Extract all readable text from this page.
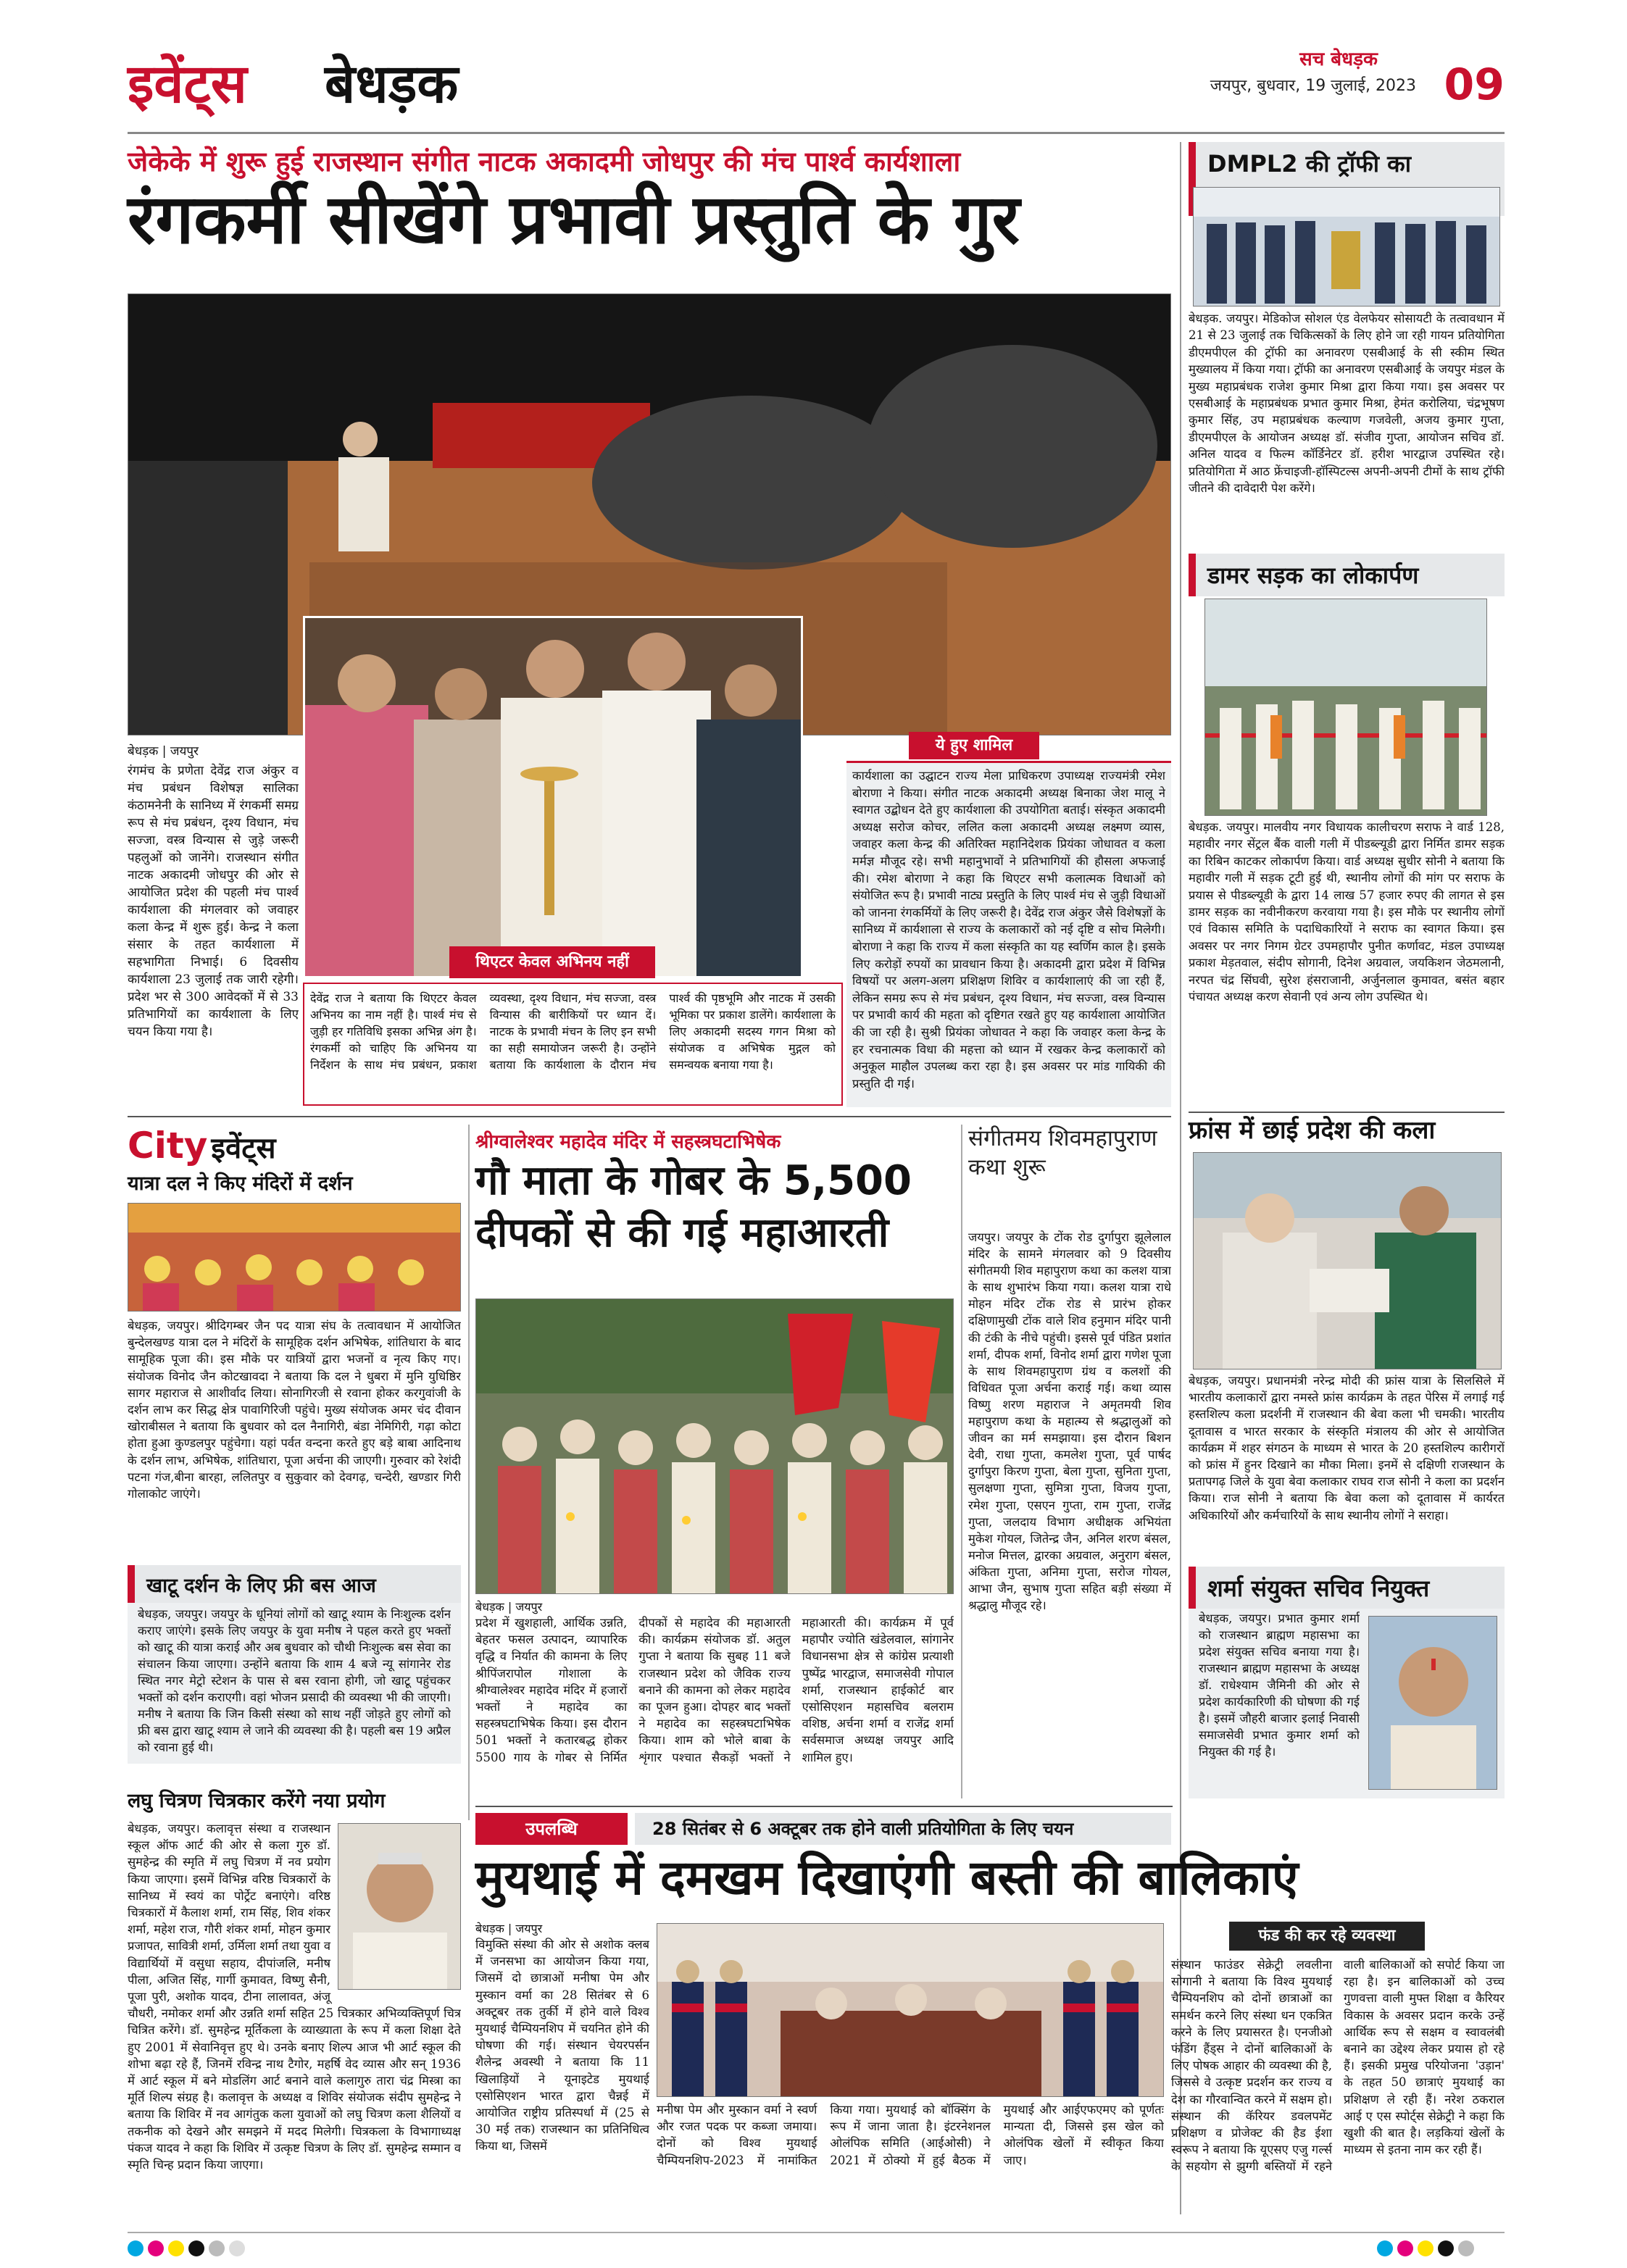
इवेंट्स बेधड़क	सच बेधड़क
जयपुर, बुधवार, 19 जुलाई, 2023 09
जेकेके में शुरू हुई राजस्थान संगीत नाटक अकादमी जोधपुर की मंच पार्श्व कार्यशाला
रंगकर्मी सीखेंगे प्रभावी प्रस्तुति के गुर
थिएटर केवल अभिनय नहीं
बेधड़क | जयपुर
रंगमंच के प्रणेता देवेंद्र राज अंकुर व मंच प्रबंधन विशेषज्ञ सालिका कंठामनेनी के सानिध्य में रंगकर्मी समग्र रूप से मंच प्रबंधन, दृश्य विधान, मंच सज्जा, वस्त्र विन्यास से जुड़े जरूरी पहलुओं को जानेंगे। राजस्थान संगीत नाटक अकादमी जोधपुर की ओर से आयोजित प्रदेश की पहली मंच पार्श्व कार्यशाला की मंगलवार को जवाहर कला केन्द्र में शुरू हुई। केन्द्र ने कला संसार के तहत कार्यशाला में सहभागिता निभाई। 6 दिवसीय कार्यशाला 23 जुलाई तक जारी रहेगी। प्रदेश भर से 300 आवेदकों में से 33 प्रतिभागियों का कार्यशाला के लिए चयन किया गया है।
देवेंद्र राज ने बताया कि थिएटर केवल अभिनय का नाम नहीं है। पार्श्व मंच से जुड़ी हर गतिविधि इसका अभिन्न अंग है। रंगकर्मी को चाहिए कि अभिनय या निर्देशन के साथ मंच प्रबंधन, प्रकाश व्यवस्था, दृश्य विधान, मंच सज्जा, वस्त्र विन्यास की बारीकियों पर ध्यान दें। नाटक के प्रभावी मंचन के लिए इन सभी का सही समायोजन जरूरी है। उन्होंने बताया कि कार्यशाला के दौरान मंच पार्श्व की पृष्ठभूमि और नाटक में उसकी भूमिका पर प्रकाश डालेंगे। कार्यशाला के लिए अकादमी सदस्य गगन मिश्रा को संयोजक व अभिषेक मुद्गल को समन्वयक बनाया गया है।
ये हुए शामिल
कार्यशाला का उद्घाटन राज्य मेला प्राधिकरण उपाध्यक्ष राज्यमंत्री रमेश बोराणा ने किया। संगीत नाटक अकादमी अध्यक्ष बिनाका जेश मालू ने स्वागत उद्बोधन देते हुए कार्यशाला की उपयोगिता बताई। संस्कृत अकादमी अध्यक्ष सरोज कोचर, ललित कला अकादमी अध्यक्ष लक्ष्मण व्यास, जवाहर कला केन्द्र की अतिरिक्त महानिदेशक प्रियंका जोधावत व कला मर्मज्ञ मौजूद रहे। सभी महानुभावों ने प्रतिभागियों की हौसला अफजाई की। रमेश बोराणा ने कहा कि थिएटर सभी कलात्मक विधाओं को संयोजित रूप है। प्रभावी नाट्य प्रस्तुति के लिए पार्श्व मंच से जुड़ी विधाओं को जानना रंगकर्मियों के लिए जरूरी है। देवेंद्र राज अंकुर जैसे विशेषज्ञों के सानिध्य में कार्यशाला से राज्य के कलाकारों को नई दृष्टि व सोच मिलेगी। बोराणा ने कहा कि राज्य में कला संस्कृति का यह स्वर्णिम काल है। इसके लिए करोड़ों रुपयों का प्रावधान किया है। अकादमी द्वारा प्रदेश में विभिन्न विषयों पर अलग-अलग प्रशिक्षण शिविर व कार्यशालाएं की जा रही हैं, लेकिन समग्र रूप से मंच प्रबंधन, दृश्य विधान, मंच सज्जा, वस्त्र विन्यास पर प्रभावी कार्य की महता को दृष्टिगत रखते हुए यह कार्यशाला आयोजित की जा रही है। सुश्री प्रियंका जोधावत ने कहा कि जवाहर कला केन्द्र के हर रचनात्मक विधा की महत्ता को ध्यान में रखकर केन्द्र कलाकारों को अनुकूल माहौल उपलब्ध करा रहा है। इस अवसर पर मांड गायिकी की प्रस्तुति दी गई।
DMPL2 की ट्रॉफी का
बेधड़क. जयपुर। मेडिकोज सोशल एंड वेलफेयर सोसायटी के तत्वावधान में 21 से 23 जुलाई तक चिकित्सकों के लिए होने जा रही गायन प्रतियोगिता डीएमपीएल की ट्रॉफी का अनावरण एसबीआई के सी स्कीम स्थित मुख्यालय में किया गया। ट्रॉफी का अनावरण एसबीआई के जयपुर मंडल के मुख्य महाप्रबंधक राजेश कुमार मिश्रा द्वारा किया गया। इस अवसर पर एसबीआई के महाप्रबंधक प्रभात कुमार मिश्रा, हेमंत करोलिया, चंद्रभूषण कुमार सिंह, उप महाप्रबंधक कल्याण गजवेली, अजय कुमार गुप्ता, डीएमपीएल के आयोजन अध्यक्ष डॉ. संजीव गुप्ता, आयोजन सचिव डॉ. अनिल यादव व फिल्म कॉर्डिनेटर डॉ. हरीश भारद्वाज उपस्थित रहे। प्रतियोगिता में आठ फ्रेंचाइजी-हॉस्पिटल्स अपनी-अपनी टीमों के साथ ट्रॉफी जीतने की दावेदारी पेश करेंगे।
डामर सड़क का लोकार्पण
बेधड़क. जयपुर। मालवीय नगर विधायक कालीचरण सराफ ने वार्ड 128, महावीर नगर सेंट्रल बैंक वाली गली में पीडब्ल्यूडी द्वारा निर्मित डामर सड़क का रिबिन काटकर लोकार्पण किया। वार्ड अध्यक्ष सुधीर सोनी ने बताया कि महावीर गली में सड़क टूटी हुई थी, स्थानीय लोगों की मांग पर सराफ के प्रयास से पीडब्ल्यूडी के द्वारा 14 लाख 57 हजार रुपए की लागत से इस डामर सड़क का नवीनीकरण करवाया गया है। इस मौके पर स्थानीय लोगों एवं विकास समिति के पदाधिकारियों ने सराफ का स्वागत किया। इस अवसर पर नगर निगम ग्रेटर उपमहापौर पुनीत कर्णावट, मंडल उपाध्यक्ष प्रकाश मेड़तवाल, संदीप सोगानी, दिनेश अग्रवाल, जयकिशन जेठमलानी, नरपत चंद्र सिंघवी, सुरेश हंसराजानी, अर्जुनलाल कुमावत, बसंत बहार पंचायत अध्यक्ष करण सेवानी एवं अन्य लोग उपस्थित थे।
फ्रांस में छाई प्रदेश की कला
बेधड़क, जयपुर। प्रधानमंत्री नरेन्द्र मोदी की फ्रांस यात्रा के सिलसिले में भारतीय कलाकारों द्वारा नमस्ते फ्रांस कार्यक्रम के तहत पेरिस में लगाई गई हस्तशिल्प कला प्रदर्शनी में राजस्थान की बेवा कला भी चमकी। भारतीय दूतावास व भारत सरकार के संस्कृति मंत्रालय की ओर से आयोजित कार्यक्रम में शहर संगठन के माध्यम से भारत के 20 हस्तशिल्प कारीगरों को फ्रांस में हुनर दिखाने का मौका मिला। इनमें से दक्षिणी राजस्थान के प्रतापगढ़ जिले के युवा बेवा कलाकार राघव राज सोनी ने कला का प्रदर्शन किया। राज सोनी ने बताया कि बेवा कला को दूतावास में कार्यरत अधिकारियों और कर्मचारियों के साथ स्थानीय लोगों ने सराहा।
शर्मा संयुक्त सचिव नियुक्त
बेधड़क, जयपुर। प्रभात कुमार शर्मा को राजस्थान ब्राह्मण महासभा का प्रदेश संयुक्त सचिव बनाया गया है। राजस्थान ब्राह्मण महासभा के अध्यक्ष डॉ. राधेश्याम जैमिनी की ओर से प्रदेश कार्यकारिणी की घोषणा की गई है। इसमें जौहरी बाजार इलाई निवासी समाजसेवी प्रभात कुमार शर्मा को नियुक्त की गई है।
City इवेंट्स
यात्रा दल ने किए मंदिरों में दर्शन
बेधड़क, जयपुर। श्रीदिगम्बर जैन पद यात्रा संघ के तत्वावधान में आयोजित बुन्देलखण्ड यात्रा दल ने मंदिरों के सामूहिक दर्शन अभिषेक, शांतिधारा के बाद सामूहिक पूजा की। इस मौके पर यात्रियों द्वारा भजनों व नृत्य किए गए। संयोजक विनोद जैन कोटखावदा ने बताया कि दल ने धुबरा में मुनि युधिष्ठिर सागर महाराज से आशीर्वाद लिया। सोनागिरजी से रवाना होकर करगुवांजी के दर्शन लाभ कर सिद्ध क्षेत्र पावागिरिजी पहुंचे। मुख्य संयोजक अमर चंद दीवान खोराबीसल ने बताया कि बुधवार को दल नैनागिरी, बंडा नेमिगिरी, गढ़ा कोटा होता हुआ कुण्डलपुर पहुंचेगा। यहां पर्वत वन्दना करते हुए बड़े बाबा आदिनाथ के दर्शन लाभ, अभिषेक, शांतिधारा, पूजा अर्चना की जाएगी। गुरुवार को रेशंदी पटना गंज,बीना बारहा, ललितपुर व सुकुवार को देवगढ़, चन्देरी, खण्डार गिरी गोलाकोट जाएंगे।
खाटू दर्शन के लिए फ्री बस आज
बेधड़क, जयपुर। जयपुर के धूनियां लोगों को खाटू श्याम के निःशुल्क दर्शन कराए जाएंगे। इसके लिए जयपुर के युवा मनीष ने पहल करते हुए भक्तों को खाटू की यात्रा कराई और अब बुधवार को चौथी निःशुल्क बस सेवा का संचालन किया जाएगा। उन्होंने बताया कि शाम 4 बजे न्यू सांगानेर रोड स्थित नगर मेट्रो स्टेशन के पास से बस रवाना होगी, जो खाटू पहुंचकर भक्तों को दर्शन कराएगी। वहां भोजन प्रसादी की व्यवस्था भी की जाएगी। मनीष ने बताया कि जिन किसी संस्था को साथ नहीं जोड़ते हुए लोगों को फ्री बस द्वारा खाटू श्याम ले जाने की व्यवस्था की है। पहली बस 19 अप्रैल को रवाना हुई थी।
लघु चित्रण चित्रकार करेंगे नया प्रयोग
बेधड़क, जयपुर। कलावृत्त संस्था व राजस्थान स्कूल ऑफ आर्ट की ओर से कला गुरु डॉ. सुमहेन्द्र की स्मृति में लघु चित्रण में नव प्रयोग किया जाएगा। इसमें विभिन्न वरिष्ठ चित्रकारों के सानिध्य में स्वयं का पोर्ट्रेट बनाएंगे। वरिष्ठ चित्रकारों में कैलाश शर्मा, राम सिंह, शिव शंकर शर्मा, महेश राज, गौरी शंकर शर्मा, मोहन कुमार प्रजापत, सावित्री शर्मा, उर्मिला शर्मा तथा युवा व विद्यार्थियों में वसुधा सहाय, दीपांजलि, मनीष पीला, अजित सिंह, गार्गी कुमावत, विष्णु सैनी, पूजा पुरी, अशोक यादव, टीना लालावत, अंजू चौधरी, नमोकर शर्मा और उन्नति शर्मा सहित 25 चित्रकार अभिव्यक्तिपूर्ण चित्र चित्रित करेंगे। डॉ. सुमहेन्द्र मूर्तिकला के व्याख्याता के रूप में कला शिक्षा देते हुए 2001 में सेवानिवृत्त हुए थे। उनके बनाए शिल्प आज भी आर्ट स्कूल की शोभा बढ़ा रहे हैं, जिनमें रविन्द्र नाथ टैगोर, महर्षि वेद व्यास और सन् 1936 में आर्ट स्कूल में बने मोडलिंग आर्ट बनाने वाले कलागुरु तारा चंद्र मिस्त्रा का मूर्ति शिल्प संग्रह है। कलावृत्त के अध्यक्ष व शिविर संयोजक संदीप सुमहेन्द्र ने बताया कि शिविर में नव आगंतुक कला युवाओं को लघु चित्रण कला शैलियों व तकनीक को देखने और समझने में मदद मिलेगी। चित्रकला के विभागाध्यक्ष पंकज यादव ने कहा कि शिविर में उत्कृष्ट चित्रण के लिए डॉ. सुमहेन्द्र सम्मान व स्मृति चिन्ह प्रदान किया जाएगा।
श्रीग्वालेश्वर महादेव मंदिर में सहस्त्रघटाभिषेक
गौ माता के गोबर के 5,500 दीपकों से की गई महाआरती
बेधड़क | जयपुर
प्रदेश में खुशहाली, आर्थिक उन्नति, बेहतर फसल उत्पादन, व्यापारिक वृद्धि व निर्यात की कामना के लिए श्रीपिंजरापोल गोशाला के श्रीग्वालेश्वर महादेव मंदिर में हजारों भक्तों ने महादेव का सहस्त्रघटाभिषेक किया। इस दौरान 501 भक्तों ने कतारबद्ध होकर 5500 गाय के गोबर से निर्मित दीपकों से महादेव की महाआरती की। कार्यक्रम संयोजक डॉ. अतुल गुप्ता ने बताया कि सुबह 11 बजे राजस्थान प्रदेश को जैविक राज्य बनाने की कामना को लेकर महादेव का पूजन हुआ। दोपहर बाद भक्तों ने महादेव का सहस्त्रघटाभिषेक किया। शाम को भोले बाबा के शृंगार पश्चात सैकड़ों भक्तों ने महाआरती की। कार्यक्रम में पूर्व महापौर ज्योति खंडेलवाल, सांगानेर विधानसभा क्षेत्र से कांग्रेस प्रत्याशी पुष्पेंद्र भारद्वाज, समाजसेवी गोपाल शर्मा, राजस्थान हाईकोर्ट बार एसोसिएशन महासचिव बलराम वशिष्ठ, अर्चना शर्मा व राजेंद्र शर्मा सर्वसमाज अध्यक्ष जयपुर आदि शामिल हुए।
संगीतमय शिवमहापुराण कथा शुरू
जयपुर। जयपुर के टोंक रोड दुर्गापुरा झूलेलाल मंदिर के सामने मंगलवार को 9 दिवसीय संगीतमयी शिव महापुराण कथा का कलश यात्रा के साथ शुभारंभ किया गया। कलश यात्रा राधे मोहन मंदिर टोंक रोड से प्रारंभ होकर दक्षिणामुखी टोंक वाले शिव हनुमान मंदिर पानी की टंकी के नीचे पहुंची। इससे पूर्व पंडित प्रशांत शर्मा, दीपक शर्मा, विनोद शर्मा द्वारा गणेश पूजा के साथ शिवमहापुराण ग्रंथ व कलशों की विधिवत पूजा अर्चना कराई गई। कथा व्यास विष्णु शरण महाराज ने अमृतमयी शिव महापुराण कथा के महात्म्य से श्रद्धालुओं को जीवन का मर्म समझाया। इस दौरान बिशन देवी, राधा गुप्ता, कमलेश गुप्ता, पूर्व पार्षद दुर्गापुरा किरण गुप्ता, बेला गुप्ता, सुनिता गुप्ता, सुलक्षणा गुप्ता, सुमित्रा गुप्ता, विजय गुप्ता, रमेश गुप्ता, एसएन गुप्ता, राम गुप्ता, राजेंद्र गुप्ता, जलदाय विभाग अधीक्षक अभियंता मुकेश गोयल, जितेन्द्र जैन, अनिल शरण बंसल, मनोज मित्तल, द्वारका अग्रवाल, अनुराग बंसल, अंकिता गुप्ता, अनिमा गुप्ता, सरोज गोयल, आभा जैन, सुभाष गुप्ता सहित बड़ी संख्या में श्रद्धालु मौजूद रहे।
उपलब्धि	28 सितंबर से 6 अक्टूबर तक होने वाली प्रतियोगिता के लिए चयन
मुयथाई में दमखम दिखाएंगी बस्ती की बालिकाएं
फंड की कर रहे व्यवस्था
बेधड़क | जयपुर
विमुक्ति संस्था की ओर से अशोक क्लब में जनसभा का आयोजन किया गया, जिसमें दो छात्राओं मनीषा पेम और मुस्कान वर्मा का 28 सितंबर से 6 अक्टूबर तक तुर्की में होने वाले विश्व मुयथाई चैम्पियनशिप में चयनित होने की घोषणा की गई। संस्थान चेयरपर्सन शैलेन्द्र अवस्थी ने बताया कि 11 खिलाड़ियों ने यूनाइटेड मुयथाई एसोसिएशन भारत द्वारा चैन्नई में आयोजित राष्ट्रीय प्रतिस्पर्धा में (25 से 30 मई तक) राजस्थान का प्रतिनिधित्व किया था, जिसमें
मनीषा पेम और मुस्कान वर्मा ने स्वर्ण और रजत पदक पर कब्जा जमाया। दोनों को विश्व मुयथाई चैम्पियनशिप-2023 में नामांकित किया गया। मुयथाई को बॉक्सिंग के रूप में जाना जाता है। इंटरनेशनल ओलंपिक समिति (आईओसी) ने 2021 में ठोक्यो में हुई बैठक में मुयथाई और आईएफएमए को पूर्णतः मान्यता दी, जिससे इस खेल को ओलंपिक खेलों में स्वीकृत किया जाए।
संस्थान फाउंडर सेक्रेट्री लवलीना सोगानी ने बताया कि विश्व मुयथाई चैम्पियनशिप को दोनों छात्राओं का समर्थन करने लिए संस्था धन एकत्रित करने के लिए प्रयासरत है। एनजीओ फंडिंग हैंड्स ने दोनों बालिकाओं के लिए पोषक आहार की व्यवस्था की है, जिससे वे उत्कृष्ट प्रदर्शन कर राज्य व देश का गौरवान्वित करने में सक्षम हो। संस्थान की कॅरियर डवलपमेंट प्रशिक्षण व प्रोजेक्ट की हैड ईशा स्वरूप ने बताया कि यूएसए एजु गर्ल्स के सहयोग से झुग्गी बस्तियों में रहने वाली बालिकाओं को सपोर्ट किया जा रहा है। इन बालिकाओं को उच्च गुणवत्ता वाली मुफ्त शिक्षा व कैरियर विकास के अवसर प्रदान करके उन्हें आर्थिक रूप से सक्षम व स्वावलंबी बनाने का उद्देश्य लेकर प्रयास हो रहे हैं। इसकी प्रमुख परियोजना 'उड़ान' के तहत 50 छात्राएं मुयथाई का प्रशिक्षण ले रही हैं। नरेश ठकराल आई ए एस स्पोर्ट्स सेक्रेट्री ने कहा कि खुशी की बात है। लड़कियां खेलों के माध्यम से इतना नाम कर रही हैं।
